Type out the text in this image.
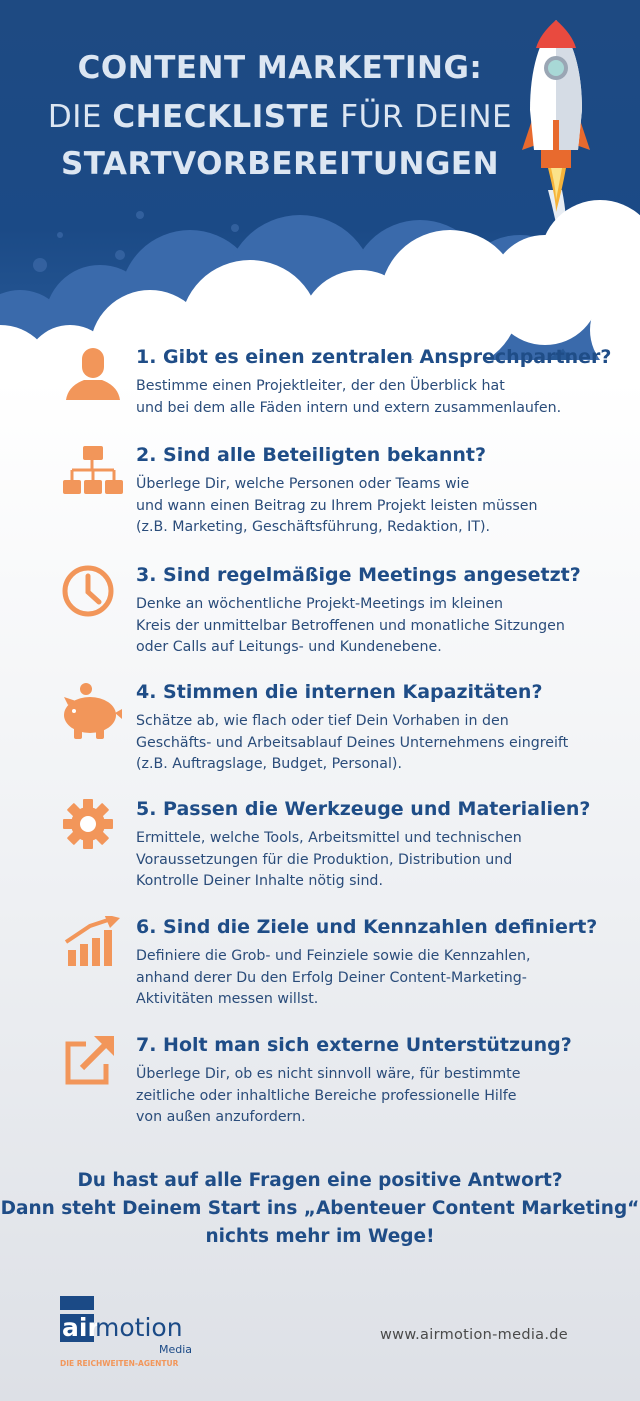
CONTENT MARKETING:
DIE CHECKLISTE FÜR DEINE
STARTVORBEREITUNGEN
1. Gibt es einen zentralen Ansprechpartner?
Bestimme einen Projektleiter, der den Überblick hat
und bei dem alle Fäden intern und extern zusammenlaufen.
2. Sind alle Beteiligten bekannt?
Überlege Dir, welche Personen oder Teams wie
und wann einen Beitrag zu Ihrem Projekt leisten müssen
(z.B. Marketing, Geschäftsführung, Redaktion, IT).
3. Sind regelmäßige Meetings angesetzt?
Denke an wöchentliche Projekt-Meetings im kleinen
Kreis der unmittelbar Betroffenen und monatliche Sitzungen
oder Calls auf Leitungs- und Kundenebene.
4. Stimmen die internen Kapazitäten?
Schätze ab, wie flach oder tief Dein Vorhaben in den
Geschäfts- und Arbeitsablauf Deines Unternehmens eingreift
(z.B. Auftragslage, Budget, Personal).
5. Passen die Werkzeuge und Materialien?
Ermittele, welche Tools, Arbeitsmittel und technischen
Voraussetzungen für die Produktion, Distribution und
Kontrolle Deiner Inhalte nötig sind.
6. Sind die Ziele und Kennzahlen definiert?
Definiere die Grob- und Feinziele sowie die Kennzahlen,
anhand derer Du den Erfolg Deiner Content-Marketing-
Aktivitäten messen willst.
7. Holt man sich externe Unterstützung?
Überlege Dir, ob es nicht sinnvoll wäre, für bestimmte
zeitliche oder inhaltliche Bereiche professionelle Hilfe
von außen anzufordern.
Du hast auf alle Fragen eine positive Antwort?
Dann steht Deinem Start ins „Abenteuer Content Marketing“
nichts mehr im Wege!
air
motion
Media
DIE REICHWEITEN-AGENTUR
www.airmotion-media.de
